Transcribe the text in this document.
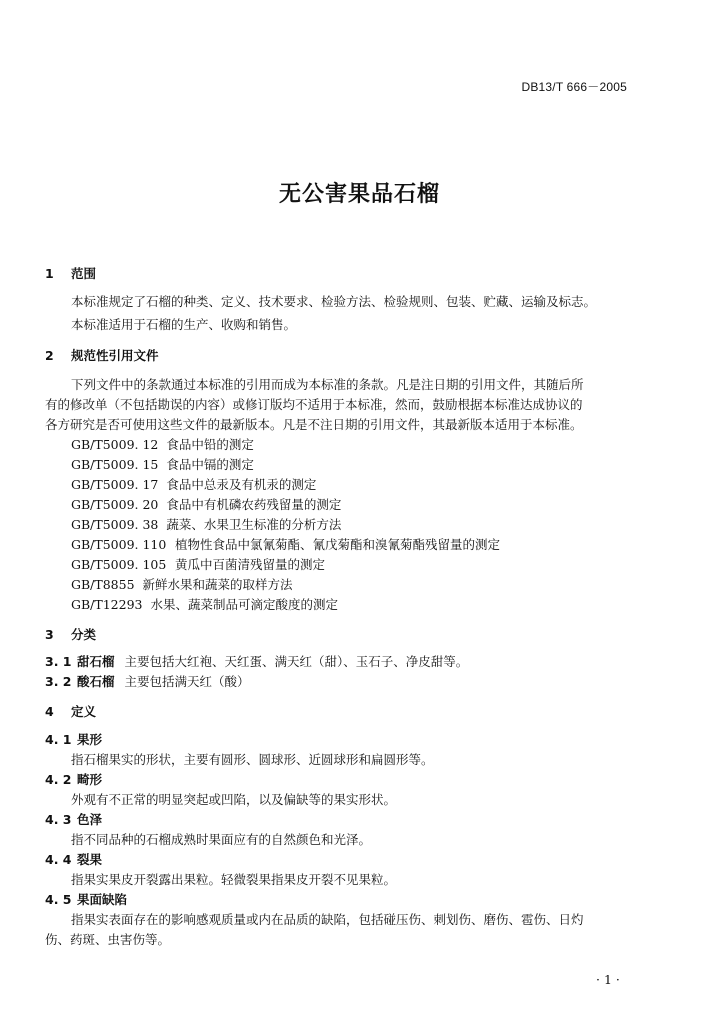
DB13/T 666－2005
无公害果品石榴
1 范围
本标准规定了石榴的种类、定义、技术要求、检验方法、检验规则、包装、贮藏、运输及标志。
本标准适用于石榴的生产、收购和销售。
2 规范性引用文件
下列文件中的条款通过本标准的引用而成为本标准的条款。凡是注日期的引用文件，其随后所
有的修改单（不包括勘误的内容）或修订版均不适用于本标准，然而，鼓励根据本标准达成协议的
各方研究是否可使用这些文件的最新版本。凡是不注日期的引用文件，其最新版本适用于本标准。
GB/T5009. 12 食品中铅的测定
GB/T5009. 15 食品中镉的测定
GB/T5009. 17 食品中总汞及有机汞的测定
GB/T5009. 20 食品中有机磷农药残留量的测定
GB/T5009. 38 蔬菜、水果卫生标准的分析方法
GB/T5009. 110 植物性食品中氯氰菊酯、氰戊菊酯和溴氰菊酯残留量的测定
GB/T5009. 105 黄瓜中百菌清残留量的测定
GB/T8855 新鲜水果和蔬菜的取样方法
GB/T12293 水果、蔬菜制品可滴定酸度的测定
3 分类
3. 1 甜石榴 主要包括大红袍、天红蛋、满天红（甜）、玉石子、净皮甜等。
3. 2 酸石榴 主要包括满天红（酸）
4 定义
4. 1 果形
指石榴果实的形状，主要有圆形、圆球形、近圆球形和扁圆形等。
4. 2 畸形
外观有不正常的明显突起或凹陷，以及偏缺等的果实形状。
4. 3 色泽
指不同品种的石榴成熟时果面应有的自然颜色和光泽。
4. 4 裂果
指果实果皮开裂露出果粒。轻微裂果指果皮开裂不见果粒。
4. 5 果面缺陷
指果实表面存在的影响感观质量或内在品质的缺陷，包括碰压伤、刺划伤、磨伤、雹伤、日灼
伤、药斑、虫害伤等。
· 1 ·
